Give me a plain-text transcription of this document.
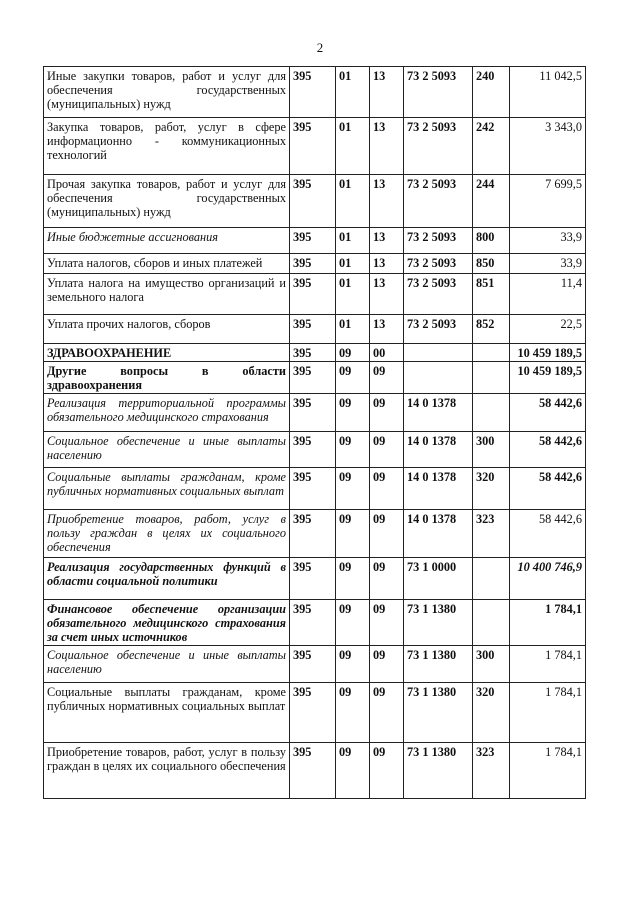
2
Иные закупки товаров, работ и услуг для обеспечения государственных (муниципальных) нужд	395	01	13	73 2 5093	240	11 042,5
Закупка товаров, работ, услуг в сфере информационно - коммуникационных технологий	395	01	13	73 2 5093	242	3 343,0
Прочая закупка товаров, работ и услуг для обеспечения государственных (муниципальных) нужд	395	01	13	73 2 5093	244	7 699,5
Иные бюджетные ассигнования	395	01	13	73 2 5093	800	33,9
Уплата налогов, сборов и иных платежей	395	01	13	73 2 5093	850	33,9
Уплата налога на имущество организаций и земельного налога	395	01	13	73 2 5093	851	11,4
Уплата прочих налогов, сборов	395	01	13	73 2 5093	852	22,5
ЗДРАВООХРАНЕНИЕ	395	09	00			10 459 189,5
Другие вопросы в области здравоохранения	395	09	09			10 459 189,5
Реализация территориальной программы обязательного медицинского страхования	395	09	09	14 0 1378		58 442,6
Социальное обеспечение и иные выплаты населению	395	09	09	14 0 1378	300	58 442,6
Социальные выплаты гражданам, кроме публичных нормативных социальных выплат	395	09	09	14 0 1378	320	58 442,6
Приобретение товаров, работ, услуг в пользу граждан в целях их социального обеспечения	395	09	09	14 0 1378	323	58 442,6
Реализация государственных функций в области социальной политики	395	09	09	73 1 0000		10 400 746,9
Финансовое обеспечение организации обязательного медицинского страхования за счет иных источников	395	09	09	73 1 1380		1 784,1
Социальное обеспечение и иные выплаты населению	395	09	09	73 1 1380	300	1 784,1
Социальные выплаты гражданам, кроме публичных нормативных социальных выплат	395	09	09	73 1 1380	320	1 784,1
Приобретение товаров, работ, услуг в пользу граждан в целях их социального обеспечения	395	09	09	73 1 1380	323	1 784,1
